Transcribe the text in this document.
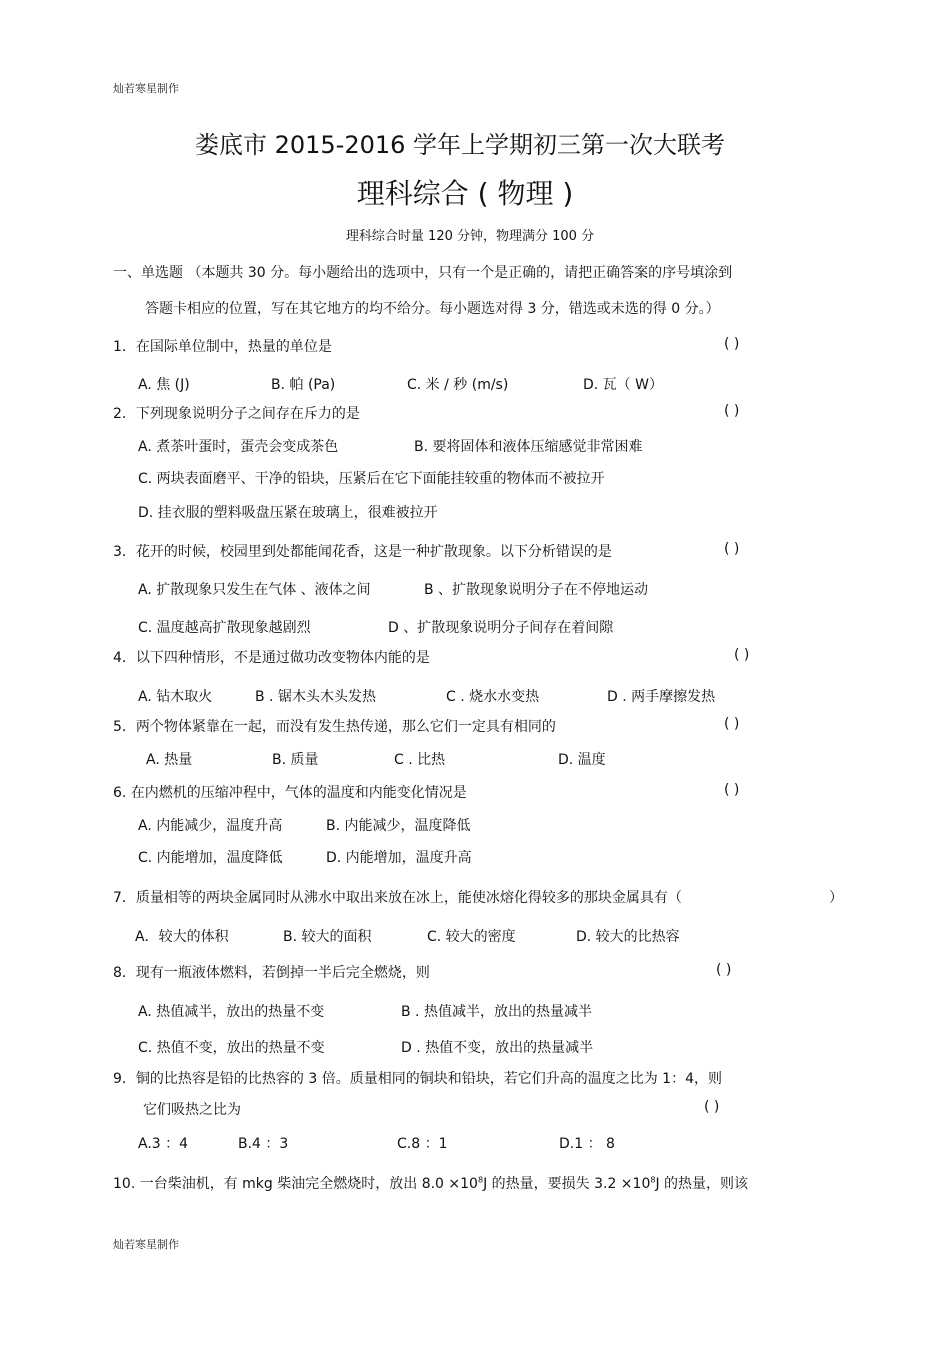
灿若寒星制作
娄底市 2015-2016 学年上学期初三第一次大联考
理科综合 ( 物理 )
理科综合时量 120 分钟，物理满分 100 分
一、单选题 （本题共 30 分。每小题给出的选项中，只有一个是正确的，请把正确答案的序号填涂到
答题卡相应的位置，写在其它地方的均不给分。每小题选对得 3 分，错选或未选的得 0 分。）
1．在国际单位制中，热量的单位是	( )
A. 焦 (J)	B. 帕 (Pa)	C. 米 / 秒 (m/s)	D. 瓦（ W）
2．下列现象说明分子之间存在斥力的是	( )
A. 煮茶叶蛋时，蛋壳会变成茶色	B. 要将固体和液体压缩感觉非常困难
C. 两块表面磨平、干净的铅块，压紧后在它下面能挂较重的物体而不被拉开
D. 挂衣服的塑料吸盘压紧在玻璃上，很难被拉开
3．花开的时候，校园里到处都能闻花香，这是一种扩散现象。以下分析错误的是	( )
A. 扩散现象只发生在气体 、液体之间	B 、扩散现象说明分子在不停地运动
C. 温度越高扩散现象越剧烈	D 、扩散现象说明分子间存在着间隙
4．以下四种情形，不是通过做功改变物体内能的是	( )
A. 钻木取火	B . 锯木头木头发热	C . 烧水水变热	D . 两手摩擦发热
5．两个物体紧靠在一起，而没有发生热传递，那么它们一定具有相同的	( )
A. 热量	B. 质量	C . 比热	D. 温度
6. 在内燃机的压缩冲程中，气体的温度和内能变化情况是	( )
A. 内能减少，温度升高	B. 内能减少，温度降低
C. 内能增加，温度降低	D. 内能增加，温度升高
7．质量相等的两块金属同时从沸水中取出来放在冰上，能使冰熔化得较多的那块金属具有（	）
A．较大的体积	B. 较大的面积	C. 较大的密度	D. 较大的比热容
8．现有一瓶液体燃料，若倒掉一半后完全燃烧，则	( )
A. 热值减半，放出的热量不变	B . 热值减半，放出的热量减半
C. 热值不变，放出的热量不变	D . 热值不变，放出的热量减半
9．铜的比热容是铅的比热容的 3 倍。质量相同的铜块和铅块，若它们升高的温度之比为 1：4，则
它们吸热之比为	( )
A.3 ：4	B.4 ：3	C.8 ：1	D.1 ： 8
10. 一台柴油机，有 mkg 柴油完全燃烧时，放出 $8.0 \times 10^8J$ 的热量，要损失 $3.2 \times 10^8J$ 的热量，则该
灿若寒星制作
